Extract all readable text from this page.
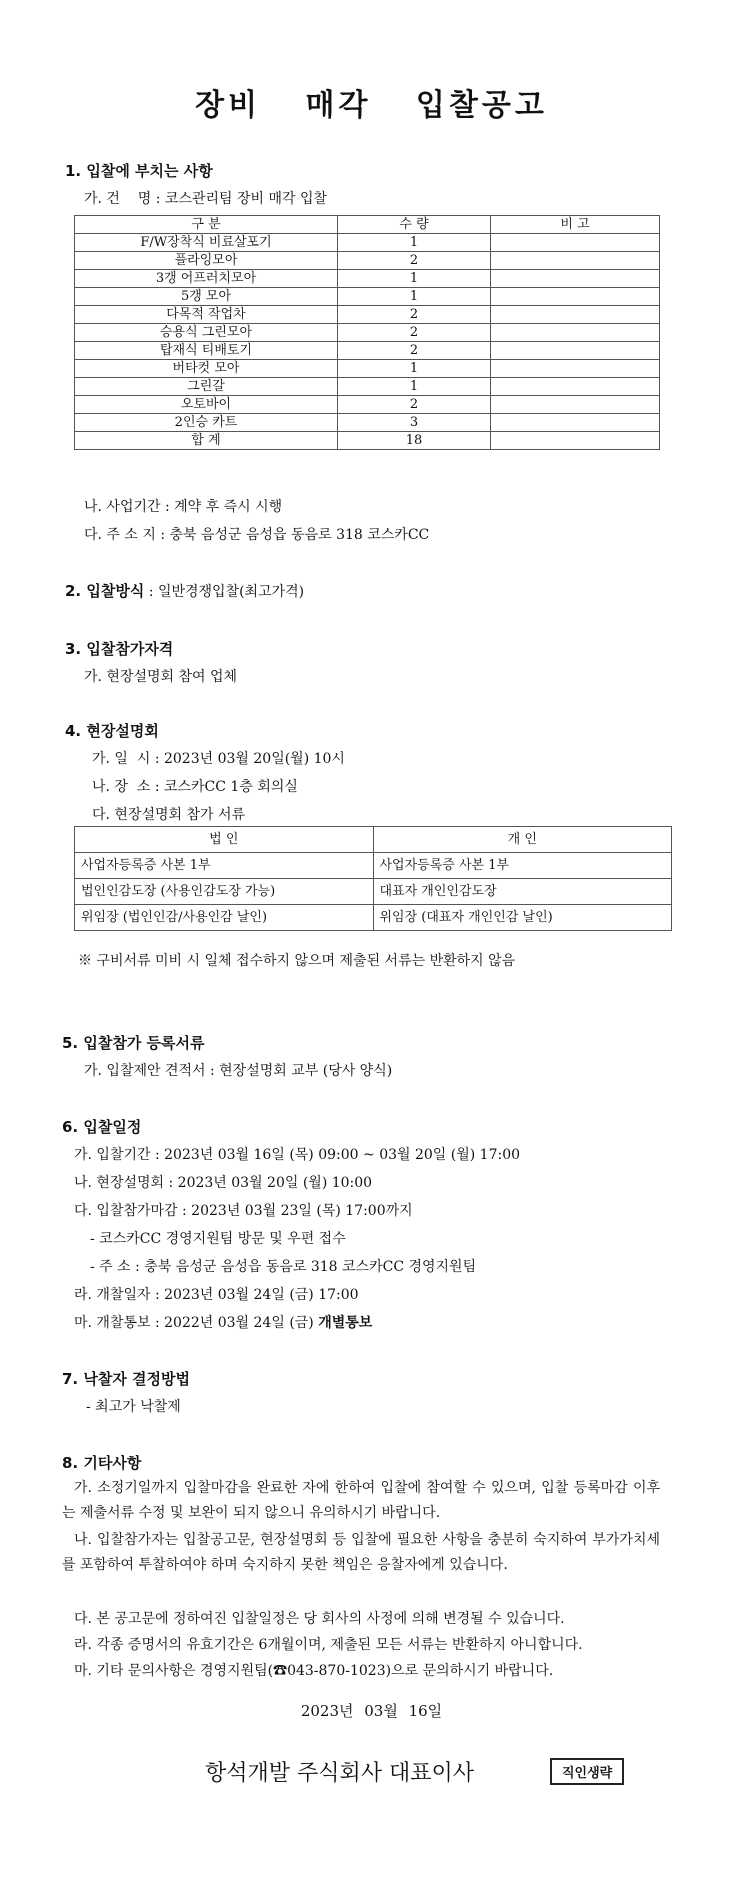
장비 매각 입찰공고
1. 입찰에 부치는 사항
가. 건    명 : 코스관리팀 장비 매각 입찰
구 분	수 량	비 고
F/W장착식 비료살포기	1	
플라잉모아	2	
3갱 어프러치모아	1	
5갱 모아	1	
다목적 작업차	2	
승용식 그린모아	2	
탑재식 티배토기	2	
버타컷 모아	1	
그린갈	1	
오토바이	2	
2인승 카트	3	
합 계	18	
나. 사업기간 : 계약 후 즉시 시행
다. 주 소 지 : 충북 음성군 음성읍 동음로 318 코스카CC
2. 입찰방식 : 일반경쟁입찰(최고가격)
3. 입찰참가자격
가. 현장설명회 참여 업체
4. 현장설명회
가. 일  시 : 2023년 03월 20일(월) 10시
나. 장  소 : 코스카CC 1층 회의실
다. 현장설명회 참가 서류
법 인	개 인
사업자등록증 사본 1부	사업자등록증 사본 1부
법인인감도장 (사용인감도장 가능)	대표자 개인인감도장
위임장 (법인인감/사용인감 날인)	위임장 (대표자 개인인감 날인)
※ 구비서류 미비 시 일체 접수하지 않으며 제출된 서류는 반환하지 않음
5. 입찰참가 등록서류
가. 입찰제안 견적서 : 현장설명회 교부 (당사 양식)
6. 입찰일정
가. 입찰기간 : 2023년 03월 16일 (목) 09:00 ~ 03월 20일 (월) 17:00
나. 현장설명회 : 2023년 03월 20일 (월) 10:00
다. 입찰참가마감 : 2023년 03월 23일 (목) 17:00까지
- 코스카CC 경영지원팀 방문 및 우편 접수
- 주 소 : 충북 음성군 음성읍 동음로 318 코스카CC 경영지원팀
라. 개찰일자 : 2023년 03월 24일 (금) 17:00
마. 개찰통보 : 2022년 03월 24일 (금) 개별통보
7. 낙찰자 결정방법
- 최고가 낙찰제
8. 기타사항
가. 소정기일까지 입찰마감을 완료한 자에 한하여 입찰에 참여할 수 있으며, 입찰 등록마감 이후는 제출서류 수정 및 보완이 되지 않으니 유의하시기 바랍니다.
나. 입찰참가자는 입찰공고문, 현장설명회 등 입찰에 필요한 사항을 충분히 숙지하여 부가가치세를 포함하여 투찰하여야 하며 숙지하지 못한 책임은 응찰자에게 있습니다.
다. 본 공고문에 정하여진 입찰일정은 당 회사의 사정에 의해 변경될 수 있습니다.
라. 각종 증명서의 유효기간은 6개월이며, 제출된 모든 서류는 반환하지 아니합니다.
마. 기타 문의사항은 경영지원팀(☎043-870-1023)으로 문의하시기 바랍니다.
2023년 03월 16일
항석개발 주식회사 대표이사	직인생략
